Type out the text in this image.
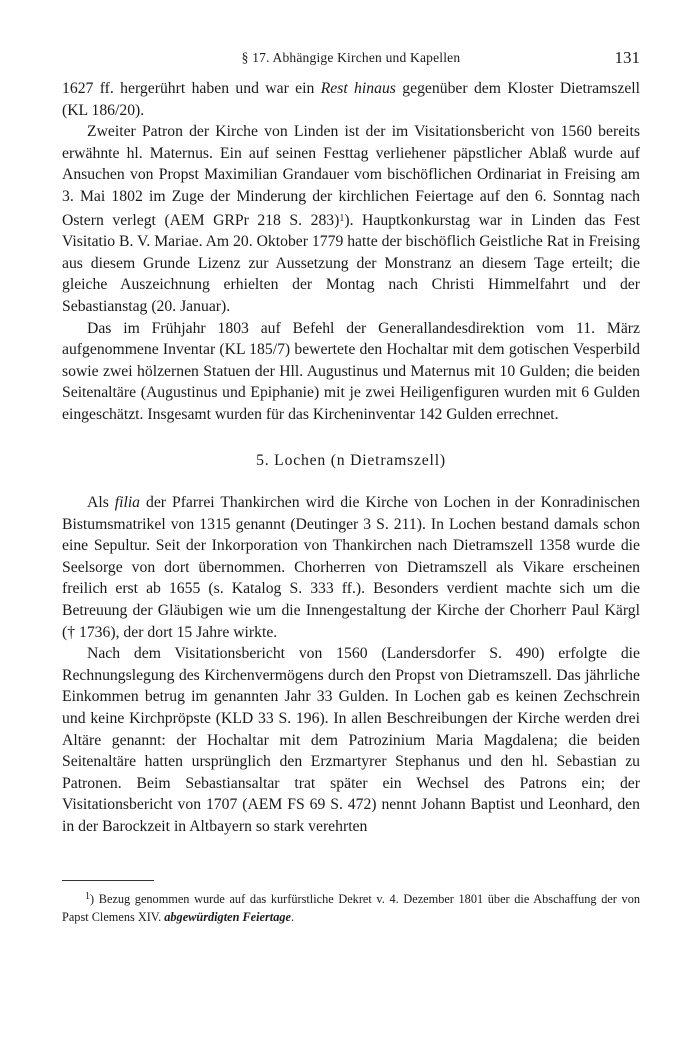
§ 17. Abhängige Kirchen und Kapellen	131

1627 ff. hergerührt haben und war ein Rest hinaus gegenüber dem Kloster Dietramszell (KL 186/20).

Zweiter Patron der Kirche von Linden ist der im Visitationsbericht von 1560 bereits erwähnte hl. Maternus. Ein auf seinen Festtag verliehener päpstlicher Ablaß wurde auf Ansuchen von Propst Maximilian Grandauer vom bischöflichen Ordinariat in Freising am 3. Mai 1802 im Zuge der Minderung der kirchlichen Feiertage auf den 6. Sonntag nach Ostern verlegt (AEM GRPr 218 S. 283)$^1$). Hauptkonkurstag war in Linden das Fest Visitatio B. V. Mariae. Am 20. Oktober 1779 hatte der bischöflich Geistliche Rat in Freising aus diesem Grunde Lizenz zur Aussetzung der Monstranz an diesem Tage erteilt; die gleiche Auszeichnung erhielten der Montag nach Christi Himmelfahrt und der Sebastianstag (20. Januar).

Das im Frühjahr 1803 auf Befehl der Generallandesdirektion vom 11. März aufgenommene Inventar (KL 185/7) bewertete den Hochaltar mit dem gotischen Vesperbild sowie zwei hölzernen Statuen der Hll. Augustinus und Maternus mit 10 Gulden; die beiden Seitenaltäre (Augustinus und Epiphanie) mit je zwei Heiligenfiguren wurden mit 6 Gulden eingeschätzt. Insgesamt wurden für das Kircheninventar 142 Gulden errechnet.

5. Lochen (n Dietramszell)

Als filia der Pfarrei Thankirchen wird die Kirche von Lochen in der Konradinischen Bistumsmatrikel von 1315 genannt (Deutinger 3 S. 211). In Lochen bestand damals schon eine Sepultur. Seit der Inkorporation von Thankirchen nach Dietramszell 1358 wurde die Seelsorge von dort übernommen. Chorherren von Dietramszell als Vikare erscheinen freilich erst ab 1655 (s. Katalog S. 333 ff.). Besonders verdient machte sich um die Betreuung der Gläubigen wie um die Innengestaltung der Kirche der Chorherr Paul Kärgl († 1736), der dort 15 Jahre wirkte.

Nach dem Visitationsbericht von 1560 (Landersdorfer S. 490) erfolgte die Rechnungslegung des Kirchenvermögens durch den Propst von Dietramszell. Das jährliche Einkommen betrug im genannten Jahr 33 Gulden. In Lochen gab es keinen Zechschrein und keine Kirchpröpste (KLD 33 S. 196). In allen Beschreibungen der Kirche werden drei Altäre genannt: der Hochaltar mit dem Patrozinium Maria Magdalena; die beiden Seitenaltäre hatten ursprünglich den Erzmartyrer Stephanus und den hl. Sebastian zu Patronen. Beim Sebastiansaltar trat später ein Wechsel des Patrons ein; der Visitationsbericht von 1707 (AEM FS 69 S. 472) nennt Johann Baptist und Leonhard, den in der Barockzeit in Altbayern so stark verehrten

$^1$) Bezug genommen wurde auf das kurfürstliche Dekret v. 4. Dezember 1801 über die Abschaffung der von Papst Clemens XIV. abgewürdigten Feiertage.
